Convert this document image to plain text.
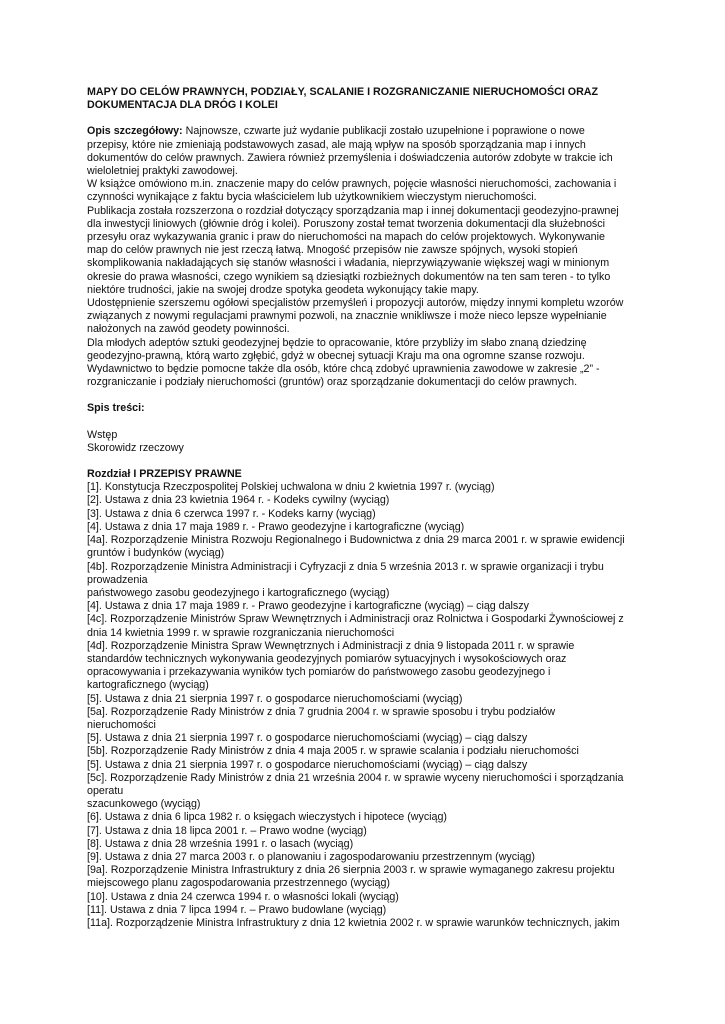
MAPY DO CELÓW PRAWNYCH, PODZIAŁY, SCALANIE I ROZGRANICZANIE NIERUCHOMOŚCI ORAZ
DOKUMENTACJA DLA DRÓG I KOLEI
Opis szczegółowy: Najnowsze, czwarte już wydanie publikacji zostało uzupełnione i poprawione o nowe
przepisy, które nie zmieniają podstawowych zasad, ale mają wpływ na sposób sporządzania map i innych
dokumentów do celów prawnych. Zawiera również przemyślenia i doświadczenia autorów zdobyte w trakcie ich
wieloletniej praktyki zawodowej.
W książce omówiono m.in. znaczenie mapy do celów prawnych, pojęcie własności nieruchomości, zachowania i
czynności wynikające z faktu bycia właścicielem lub użytkownikiem wieczystym nieruchomości.
Publikacja została rozszerzona o rozdział dotyczący sporządzania map i innej dokumentacji geodezyjno-prawnej
dla inwestycji liniowych (głównie dróg i kolei). Poruszony został temat tworzenia dokumentacji dla służebności
przesyłu oraz wykazywania granic i praw do nieruchomości na mapach do celów projektowych. Wykonywanie
map do celów prawnych nie jest rzeczą łatwą. Mnogość przepisów nie zawsze spójnych, wysoki stopień
skomplikowania nakładających się stanów własności i władania, nieprzywiązywanie większej wagi w minionym
okresie do prawa własności, czego wynikiem są dziesiątki rozbieżnych dokumentów na ten sam teren - to tylko
niektóre trudności, jakie na swojej drodze spotyka geodeta wykonujący takie mapy.
Udostępnienie szerszemu ogółowi specjalistów przemyśleń i propozycji autorów, między innymi kompletu wzorów
związanych z nowymi regulacjami prawnymi pozwoli, na znacznie wnikliwsze i może nieco lepsze wypełnianie
nałożonych na zawód geodety powinności.
Dla młodych adeptów sztuki geodezyjnej będzie to opracowanie, które przybliży im słabo znaną dziedzinę
geodezyjno-prawną, którą warto zgłębić, gdyż w obecnej sytuacji Kraju ma ona ogromne szanse rozwoju.
Wydawnictwo to będzie pomocne także dla osób, które chcą zdobyć uprawnienia zawodowe w zakresie „2” -
rozgraniczanie i podziały nieruchomości (gruntów) oraz sporządzanie dokumentacji do celów prawnych.
Spis treści:
Wstęp
Skorowidz rzeczowy
Rozdział I PRZEPISY PRAWNE
[1]. Konstytucja Rzeczpospolitej Polskiej uchwalona w dniu 2 kwietnia 1997 r. (wyciąg)
[2]. Ustawa z dnia 23 kwietnia 1964 r. - Kodeks cywilny (wyciąg)
[3]. Ustawa z dnia 6 czerwca 1997 r. - Kodeks karny (wyciąg)
[4]. Ustawa z dnia 17 maja 1989 r. - Prawo geodezyjne i kartograficzne (wyciąg)
[4a]. Rozporządzenie Ministra Rozwoju Regionalnego i Budownictwa z dnia 29 marca 2001 r. w sprawie ewidencji
gruntów i budynków (wyciąg)
[4b]. Rozporządzenie Ministra Administracji i Cyfryzacji z dnia 5 września 2013 r. w sprawie organizacji i trybu
prowadzenia
państwowego zasobu geodezyjnego i kartograficznego (wyciąg)
[4]. Ustawa z dnia 17 maja 1989 r. - Prawo geodezyjne i kartograficzne (wyciąg) – ciąg dalszy
[4c]. Rozporządzenie Ministrów Spraw Wewnętrznych i Administracji oraz Rolnictwa i Gospodarki Żywnościowej z
dnia 14 kwietnia 1999 r. w sprawie rozgraniczania nieruchomości
[4d]. Rozporządzenie Ministra Spraw Wewnętrznych i Administracji z dnia 9 listopada 2011 r. w sprawie
standardów technicznych wykonywania geodezyjnych pomiarów sytuacyjnych i wysokościowych oraz
opracowywania i przekazywania wyników tych pomiarów do państwowego zasobu geodezyjnego i
kartograficznego (wyciąg)
[5]. Ustawa z dnia 21 sierpnia 1997 r. o gospodarce nieruchomościami (wyciąg)
[5a]. Rozporządzenie Rady Ministrów z dnia 7 grudnia 2004 r. w sprawie sposobu i trybu podziałów
nieruchomości
[5]. Ustawa z dnia 21 sierpnia 1997 r. o gospodarce nieruchomościami (wyciąg) – ciąg dalszy
[5b]. Rozporządzenie Rady Ministrów z dnia 4 maja 2005 r. w sprawie scalania i podziału nieruchomości
[5]. Ustawa z dnia 21 sierpnia 1997 r. o gospodarce nieruchomościami (wyciąg) – ciąg dalszy
[5c]. Rozporządzenie Rady Ministrów z dnia 21 września 2004 r. w sprawie wyceny nieruchomości i sporządzania
operatu
szacunkowego (wyciąg)
[6]. Ustawa z dnia 6 lipca 1982 r. o księgach wieczystych i hipotece (wyciąg)
[7]. Ustawa z dnia 18 lipca 2001 r. – Prawo wodne (wyciąg)
[8]. Ustawa z dnia 28 września 1991 r. o lasach (wyciąg)
[9]. Ustawa z dnia 27 marca 2003 r. o planowaniu i zagospodarowaniu przestrzennym (wyciąg)
[9a]. Rozporządzenie Ministra Infrastruktury z dnia 26 sierpnia 2003 r. w sprawie wymaganego zakresu projektu
miejscowego planu zagospodarowania przestrzennego (wyciąg)
[10]. Ustawa z dnia 24 czerwca 1994 r. o własności lokali (wyciąg)
[11]. Ustawa z dnia 7 lipca 1994 r. – Prawo budowlane (wyciąg)
[11a]. Rozporządzenie Ministra Infrastruktury z dnia 12 kwietnia 2002 r. w sprawie warunków technicznych, jakim
